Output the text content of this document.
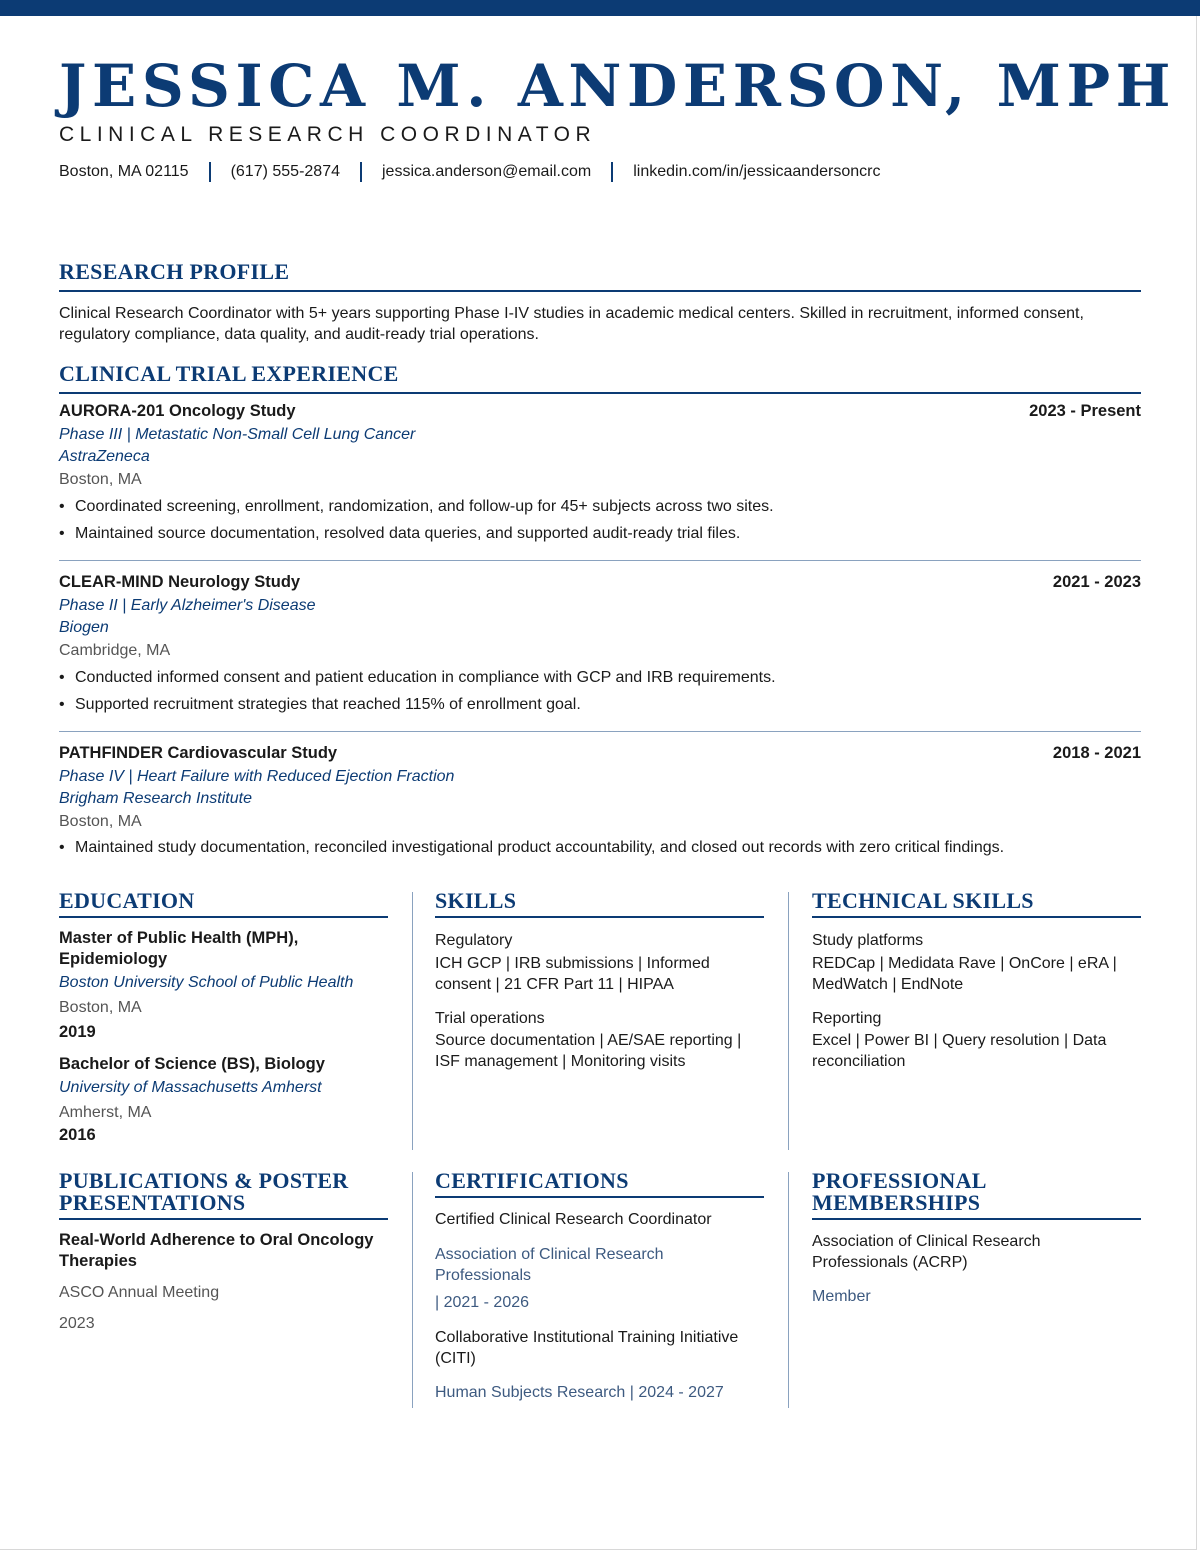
JESSICA M. ANDERSON, MPH
CLINICAL RESEARCH COORDINATOR
Boston, MA 02115	(617) 555-2874	jessica.anderson@email.com	linkedin.com/in/jessicaandersoncrc
RESEARCH PROFILE
Clinical Research Coordinator with 5+ years supporting Phase I-IV studies in academic medical centers. Skilled in recruitment, informed consent, regulatory compliance, data quality, and audit-ready trial operations.
CLINICAL TRIAL EXPERIENCE
AURORA-201 Oncology Study	2023 - Present
Phase III | Metastatic Non-Small Cell Lung Cancer
AstraZeneca
Boston, MA
• Coordinated screening, enrollment, randomization, and follow-up for 45+ subjects across two sites.
• Maintained source documentation, resolved data queries, and supported audit-ready trial files.
CLEAR-MIND Neurology Study	2021 - 2023
Phase II | Early Alzheimer's Disease
Biogen
Cambridge, MA
• Conducted informed consent and patient education in compliance with GCP and IRB requirements.
• Supported recruitment strategies that reached 115% of enrollment goal.
PATHFINDER Cardiovascular Study	2018 - 2021
Phase IV | Heart Failure with Reduced Ejection Fraction
Brigham Research Institute
Boston, MA
• Maintained study documentation, reconciled investigational product accountability, and closed out records with zero critical findings.
EDUCATION
Master of Public Health (MPH), Epidemiology
Boston University School of Public Health
Boston, MA
2019
Bachelor of Science (BS), Biology
University of Massachusetts Amherst
Amherst, MA
2016
SKILLS
Regulatory
ICH GCP | IRB submissions | Informed consent | 21 CFR Part 11 | HIPAA
Trial operations
Source documentation | AE/SAE reporting | ISF management | Monitoring visits
TECHNICAL SKILLS
Study platforms
REDCap | Medidata Rave | OnCore | eRA | MedWatch | EndNote
Reporting
Excel | Power BI | Query resolution | Data reconciliation
PUBLICATIONS & POSTER PRESENTATIONS
Real-World Adherence to Oral Oncology Therapies
ASCO Annual Meeting
2023
CERTIFICATIONS
Certified Clinical Research Coordinator
Association of Clinical Research Professionals
| 2021 - 2026
Collaborative Institutional Training Initiative (CITI)
Human Subjects Research | 2024 - 2027
PROFESSIONAL MEMBERSHIPS
Association of Clinical Research Professionals (ACRP)
Member
